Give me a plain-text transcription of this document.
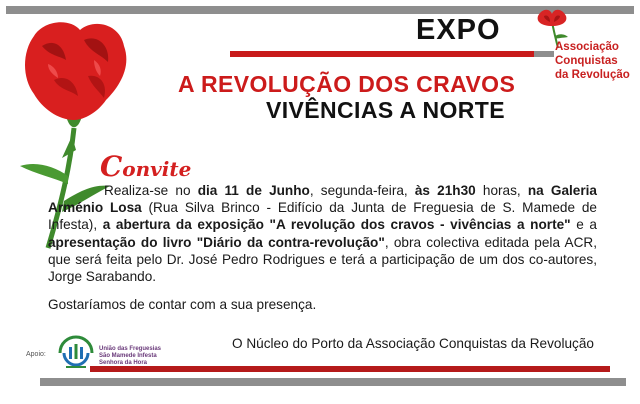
EXPO
A REVOLUÇÃO DOS CRAVOS
VIVÊNCIAS A NORTE
Associação
Conquistas
da Revolução
Convite
Realiza-se no dia 11 de Junho, segunda-feira, às 21h30 horas, na Galeria Arménio Losa (Rua Silva Brinco - Edifício da Junta de Freguesia de S. Mamede de Infesta), a abertura da exposição "A revolução dos cravos - vivências a norte" e a apresentação do livro "Diário da contra-revolução", obra colectiva editada pela ACR, que será feita pelo Dr. José Pedro Rodrigues e terá a participação de um dos co-autores, Jorge Sarabando.
Gostaríamos de contar com a sua presença.
O Núcleo do Porto da Associação Conquistas da Revolução
Apoio:
União das Freguesias
São Mamede Infesta
Senhora da Hora
